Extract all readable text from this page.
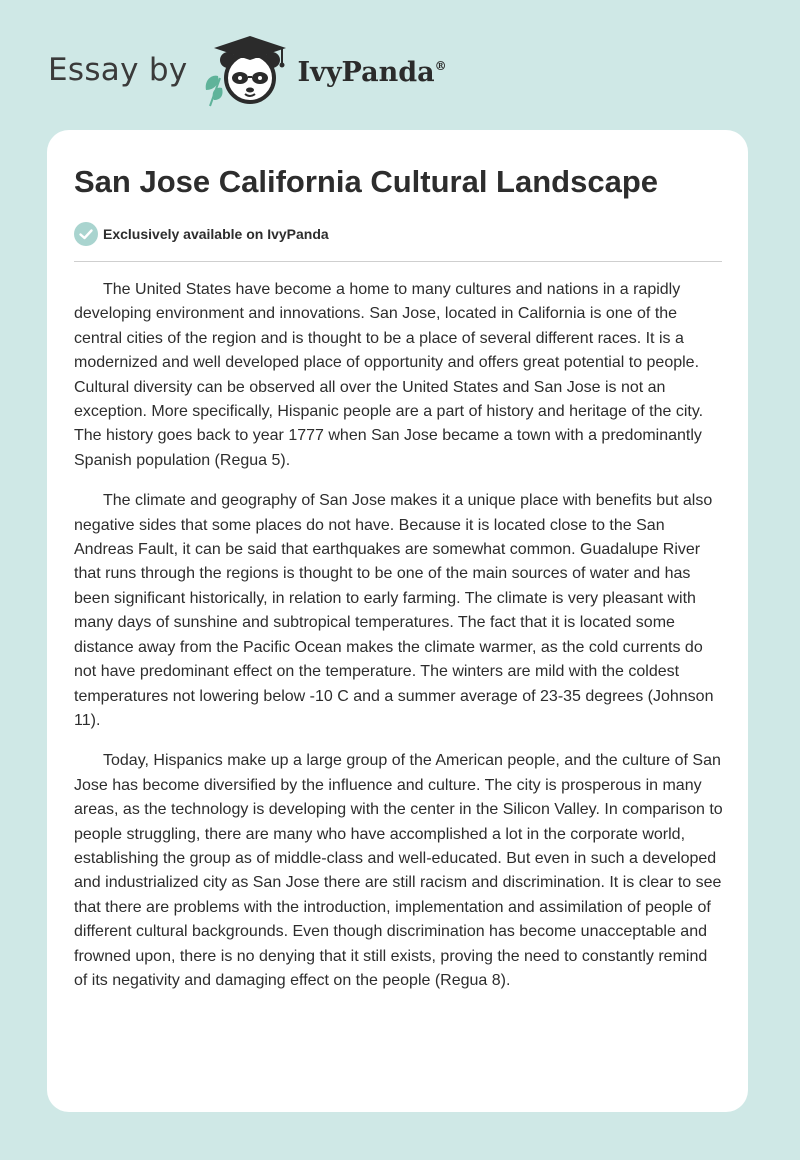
Essay by	IvyPanda®
San Jose California Cultural Landscape
Exclusively available on IvyPanda

The United States have become a home to many cultures and nations in a rapidly developing environment and innovations. San Jose, located in California is one of the central cities of the region and is thought to be a place of several different races. It is a modernized and well developed place of opportunity and offers great potential to people. Cultural diversity can be observed all over the United States and San Jose is not an exception. More specifically, Hispanic people are a part of history and heritage of the city. The history goes back to year 1777 when San Jose became a town with a predominantly Spanish population (Regua 5).

The climate and geography of San Jose makes it a unique place with benefits but also negative sides that some places do not have. Because it is located close to the San Andreas Fault, it can be said that earthquakes are somewhat common. Guadalupe River that runs through the regions is thought to be one of the main sources of water and has been significant historically, in relation to early farming. The climate is very pleasant with many days of sunshine and subtropical temperatures. The fact that it is located some distance away from the Pacific Ocean makes the climate warmer, as the cold currents do not have predominant effect on the temperature. The winters are mild with the coldest temperatures not lowering below -10 C and a summer average of 23-35 degrees (Johnson 11).

Today, Hispanics make up a large group of the American people, and the culture of San Jose has become diversified by the influence and culture. The city is prosperous in many areas, as the technology is developing with the center in the Silicon Valley. In comparison to people struggling, there are many who have accomplished a lot in the corporate world, establishing the group as of middle-class and well-educated. But even in such a developed and industrialized city as San Jose there are still racism and discrimination. It is clear to see that there are problems with the introduction, implementation and assimilation of people of different cultural backgrounds. Even though discrimination has become unacceptable and frowned upon, there is no denying that it still exists, proving the need to constantly remind of its negativity and damaging effect on the people (Regua 8).
